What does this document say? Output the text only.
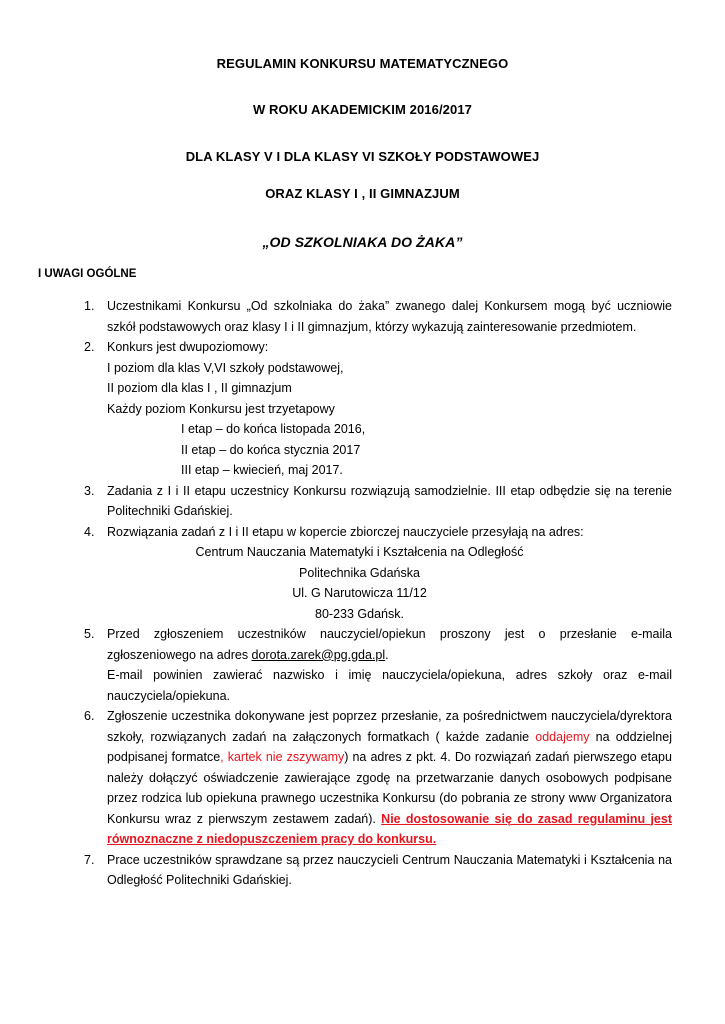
REGULAMIN KONKURSU MATEMATYCZNEGO
W ROKU AKADEMICKIM 2016/2017
DLA KLASY V I DLA KLASY VI SZKOŁY PODSTAWOWEJ
ORAZ KLASY I , II GIMNAZJUM
„OD SZKOLNIAKA DO ŻAKA”
I UWAGI OGÓLNE
1. Uczestnikami Konkursu „Od szkolniaka do żaka” zwanego dalej Konkursem mogą być uczniowie szkół podstawowych oraz klasy I i II gimnazjum, którzy wykazują zainteresowanie przedmiotem.
2. Konkurs jest dwupoziomowy:
I poziom dla klas V,VI szkoły podstawowej,
II poziom dla klas I , II gimnazjum
Każdy poziom Konkursu jest trzyetapowy
I etap – do końca listopada 2016,
II etap – do końca stycznia 2017
III etap – kwiecień, maj 2017.
3. Zadania z I i II etapu uczestnicy Konkursu rozwiązują samodzielnie. III etap odbędzie się na terenie Politechniki Gdańskiej.
4. Rozwiązania zadań z I i II etapu w kopercie zbiorczej nauczyciele przesyłają na adres:
Centrum Nauczania Matematyki i Kształcenia na Odległość
Politechnika Gdańska
Ul. G Narutowicza 11/12
80-233 Gdańsk.
5. Przed zgłoszeniem uczestników nauczyciel/opiekun proszony jest o przesłanie e-maila zgłoszeniowego na adres dorota.zarek@pg.gda.pl.
E-mail powinien zawierać nazwisko i imię nauczyciela/opiekuna, adres szkoły oraz e-mail nauczyciela/opiekuna.
6. Zgłoszenie uczestnika dokonywane jest poprzez przesłanie, za pośrednictwem nauczyciela/dyrektora szkoły, rozwiązanych zadań na załączonych formatkach ( każde zadanie oddajemy na oddzielnej podpisanej formatce, kartek nie zszywamy) na adres z pkt. 4. Do rozwiązań zadań pierwszego etapu należy dołączyć oświadczenie zawierające zgodę na przetwarzanie danych osobowych podpisane przez rodzica lub opiekuna prawnego uczestnika Konkursu (do pobrania ze strony www Organizatora Konkursu wraz z pierwszym zestawem zadań). Nie dostosowanie się do zasad regulaminu jest równoznaczne z niedopuszczeniem pracy do konkursu.
7. Prace uczestników sprawdzane są przez nauczycieli Centrum Nauczania Matematyki i Kształcenia na Odległość Politechniki Gdańskiej.
